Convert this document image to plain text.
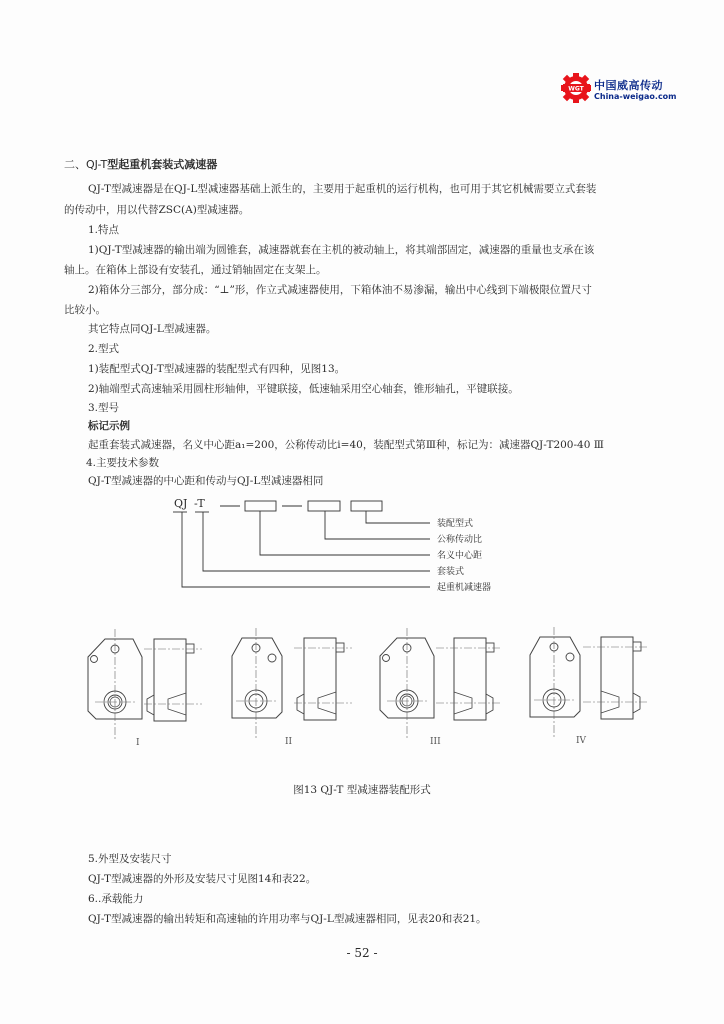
WGT 中国威高传动
China-weigao.com
二、QJ-T型起重机套装式减速器
QJ-T型减速器是在QJ-L型减速器基础上派生的，主要用于起重机的运行机构，也可用于其它机械需要立式套装
的传动中，用以代替ZSC(A)型减速器。
1.特点
1)QJ-T型减速器的输出端为圆锥套，减速器就套在主机的被动轴上，将其端部固定，减速器的重量也支承在该
轴上。在箱体上部设有安装孔，通过销轴固定在支架上。
2)箱体分三部分，部分成：“⊥”形，作立式减速器使用，下箱体油不易渗漏，输出中心线到下端极限位置尺寸
比较小。
其它特点同QJ-L型减速器。
2.型式
1)装配型式QJ-T型减速器的装配型式有四种，见图13。
2)轴端型式高速轴采用圆柱形轴伸，平键联接，低速轴采用空心轴套，锥形轴孔，平键联接。
3.型号
标记示例
起重套装式减速器，名义中心距a₁=200，公称传动比i=40，装配型式第Ⅲ种，标记为：减速器QJ-T200-40 Ⅲ
4.主要技术参数
QJ-T型减速器的中心距和传动与QJ-L型减速器相同
QJ -T
装配型式
公称传动比
名义中心距
套装式
起重机减速器
I	II	III	IV
图13 QJ-T 型减速器装配形式
5.外型及安装尺寸
QJ-T型减速器的外形及安装尺寸见图14和表22。
6..承载能力
QJ-T型减速器的输出转矩和高速轴的许用功率与QJ-L型减速器相同，见表20和表21。
- 52 -
